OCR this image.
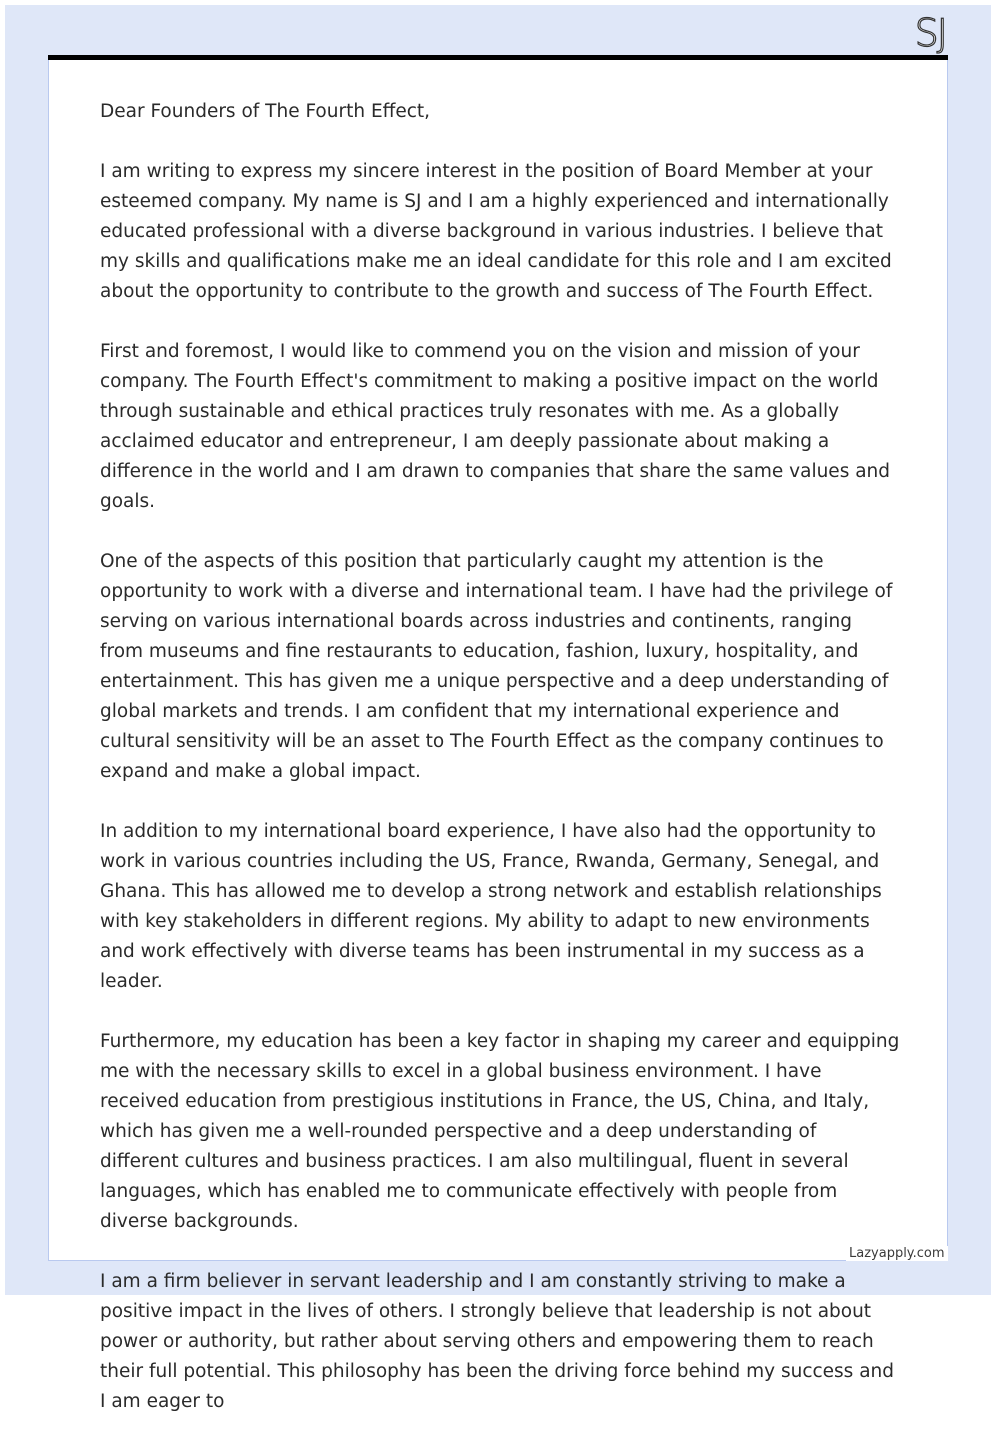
SJ

Dear Founders of The Fourth Effect,

I am writing to express my sincere interest in the position of Board Member at your esteemed company. My name is SJ and I am a highly experienced and internationally educated professional with a diverse background in various industries. I believe that my skills and qualifications make me an ideal candidate for this role and I am excited about the opportunity to contribute to the growth and success of The Fourth Effect.

First and foremost, I would like to commend you on the vision and mission of your company. The Fourth Effect's commitment to making a positive impact on the world through sustainable and ethical practices truly resonates with me. As a globally acclaimed educator and entrepreneur, I am deeply passionate about making a difference in the world and I am drawn to companies that share the same values and goals.

One of the aspects of this position that particularly caught my attention is the opportunity to work with a diverse and international team. I have had the privilege of serving on various international boards across industries and continents, ranging from museums and fine restaurants to education, fashion, luxury, hospitality, and entertainment. This has given me a unique perspective and a deep understanding of global markets and trends. I am confident that my international experience and cultural sensitivity will be an asset to The Fourth Effect as the company continues to expand and make a global impact.

In addition to my international board experience, I have also had the opportunity to work in various countries including the US, France, Rwanda, Germany, Senegal, and Ghana. This has allowed me to develop a strong network and establish relationships with key stakeholders in different regions. My ability to adapt to new environments and work effectively with diverse teams has been instrumental in my success as a leader.

Furthermore, my education has been a key factor in shaping my career and equipping me with the necessary skills to excel in a global business environment. I have received education from prestigious institutions in France, the US, China, and Italy, which has given me a well-rounded perspective and a deep understanding of different cultures and business practices. I am also multilingual, fluent in several languages, which has enabled me to communicate effectively with people from diverse backgrounds.

I am a firm believer in servant leadership and I am constantly striving to make a positive impact in the lives of others. I strongly believe that leadership is not about power or authority, but rather about serving others and empowering them to reach their full potential. This philosophy has been the driving force behind my success and I am eager to

Lazyapply.com
